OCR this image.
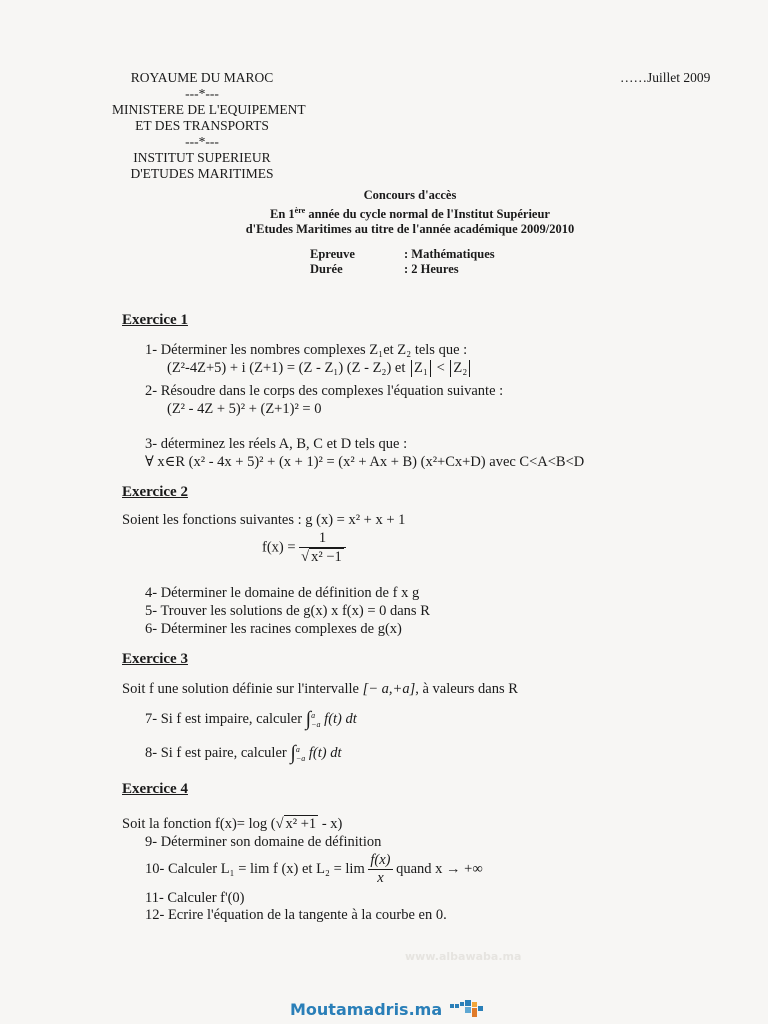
ROYAUME DU MAROC
---*---
MINISTERE DE L'EQUIPEMENT
ET DES TRANSPORTS
---*---
INSTITUT SUPERIEUR
D'ETUDES MARITIMES
……Juillet 2009
Concours d'accès
En 1ère année du cycle normal de l'Institut Supérieur
d'Etudes Maritimes au titre de l'année académique 2009/2010
Epreuve	: Mathématiques
Durée	: 2 Heures
Exercice 1
1- Déterminer les nombres complexes Z₁et Z₂ tels que :
(Z²-4Z+5) + i (Z+1) = (Z - Z₁) (Z - Z₂) et Z₁ < Z₂
2- Résoudre dans le corps des complexes l'équation suivante :
(Z² - 4Z + 5)² + (Z+1)² = 0
3- déterminez les réels A, B, C et D tels que :
∀ x∈R (x² - 4x + 5)² + (x + 1)² = (x² + Ax + B) (x²+Cx+D) avec C<A<B<D
Exercice 2
Soient les fonctions suivantes : g (x) = x² + x + 1
$f(x) = \frac{1}{\text{√ x² −1}}$
4- Déterminer le domaine de définition de f x g
5- Trouver les solutions de g(x) x f(x) = 0 dans R
6- Déterminer les racines complexes de g(x)
Exercice 3
Soit f une solution définie sur l'intervalle [− a,+a], à valeurs dans R
7- Si f est impaire, calculer ∫ a
−a f(t) dt
8- Si f est paire, calculer ∫ a
−a f(t) dt
Exercice 4
Soit la fonction f(x)= log (√ x² +1 - x)
9- Déterminer son domaine de définition
10- Calculer L₁ = lim f (x) et $L_2 = \lim \frac{f(x)}{x}$ quand x → +∞
11- Calculer f'(0)
12- Ecrire l'équation de la tangente à la courbe en 0.
www.albawaba.ma
Moutamadris.ma
